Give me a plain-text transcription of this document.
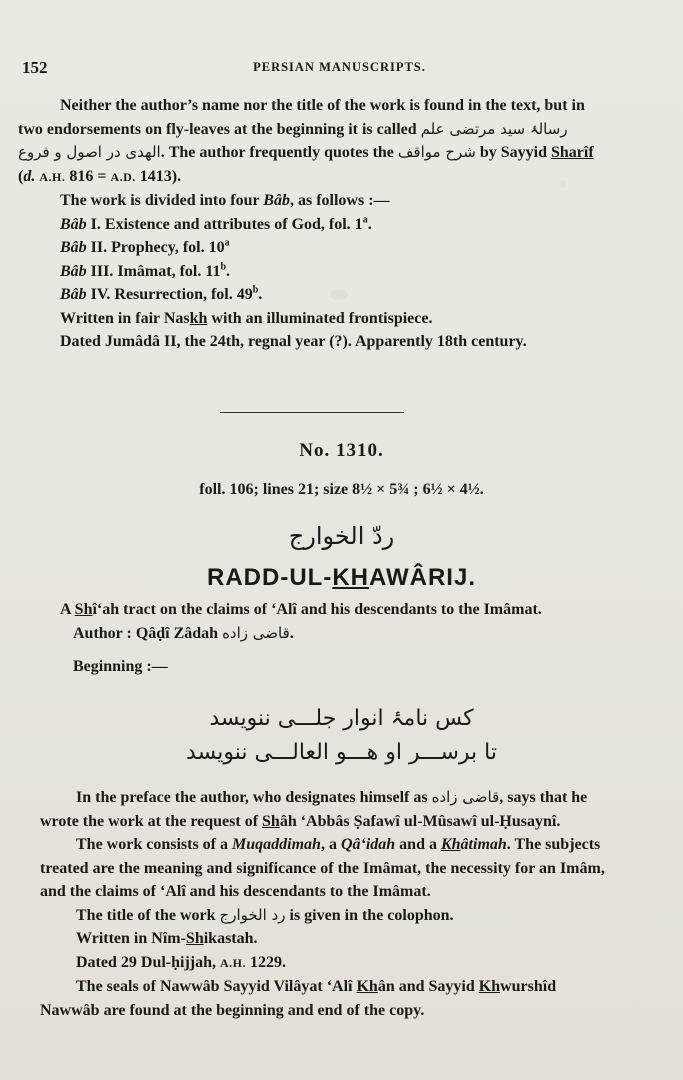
152	PERSIAN MANUSCRIPTS.

Neither the author’s name nor the title of the work is found in the text, but in two endorsements on fly-leaves at the beginning it is called رسالۂ سید مرتضی علم الهدی در اصول و فروع. The author frequently quotes the شرح مواقف by Sayyid Sharîf (d. A.H. 816 = A.D. 1413).

The work is divided into four Bâb, as follows :—

Bâb I. Existence and attributes of God, fol. 1$^a$.

Bâb II. Prophecy, fol. 10$^a$

Bâb III. Imâmat, fol. 11$^b$.

Bâb IV. Resurrection, fol. 49$^b$.

Written in fair Naskh with an illuminated frontispiece.

Dated Jumâdâ II, the 24th, regnal year (?). Apparently 18th century.

No. 1310.
foll. 106; lines 21; size 8½ × 5¾ ; 6½ × 4½.
ردّ الخوارج
RADD-UL-KHAWÂRIJ.

A Shî‘ah tract on the claims of ‘Alî and his descendants to the Imâmat.

Author : Qâḍî Zâdah قاضی زاده.

Beginning :—

کس نامۂ انوار جلـــی ننویسد
تا برســـر او هـــو العالـــی ننویسد

In the preface the author, who designates himself as قاضی زاده, says that he wrote the work at the request of Shâh ‘Abbâs Ṣafawî ul-Mûsawî ul-Ḥusaynî.

The work consists of a Muqaddimah, a Qâ‘idah and a Khâtimah. The subjects treated are the meaning and significance of the Imâmat, the necessity for an Imâm, and the claims of ‘Alî and his descendants to the Imâmat.

The title of the work رد الخوارج is given in the colophon.

Written in Nîm-Shikastah.

Dated 29 Dul-ḥijjah, A.H. 1229.

The seals of Nawwâb Sayyid Vilâyat ‘Alî Khân and Sayyid Khwurshîd Nawwâb are found at the beginning and end of the copy.
